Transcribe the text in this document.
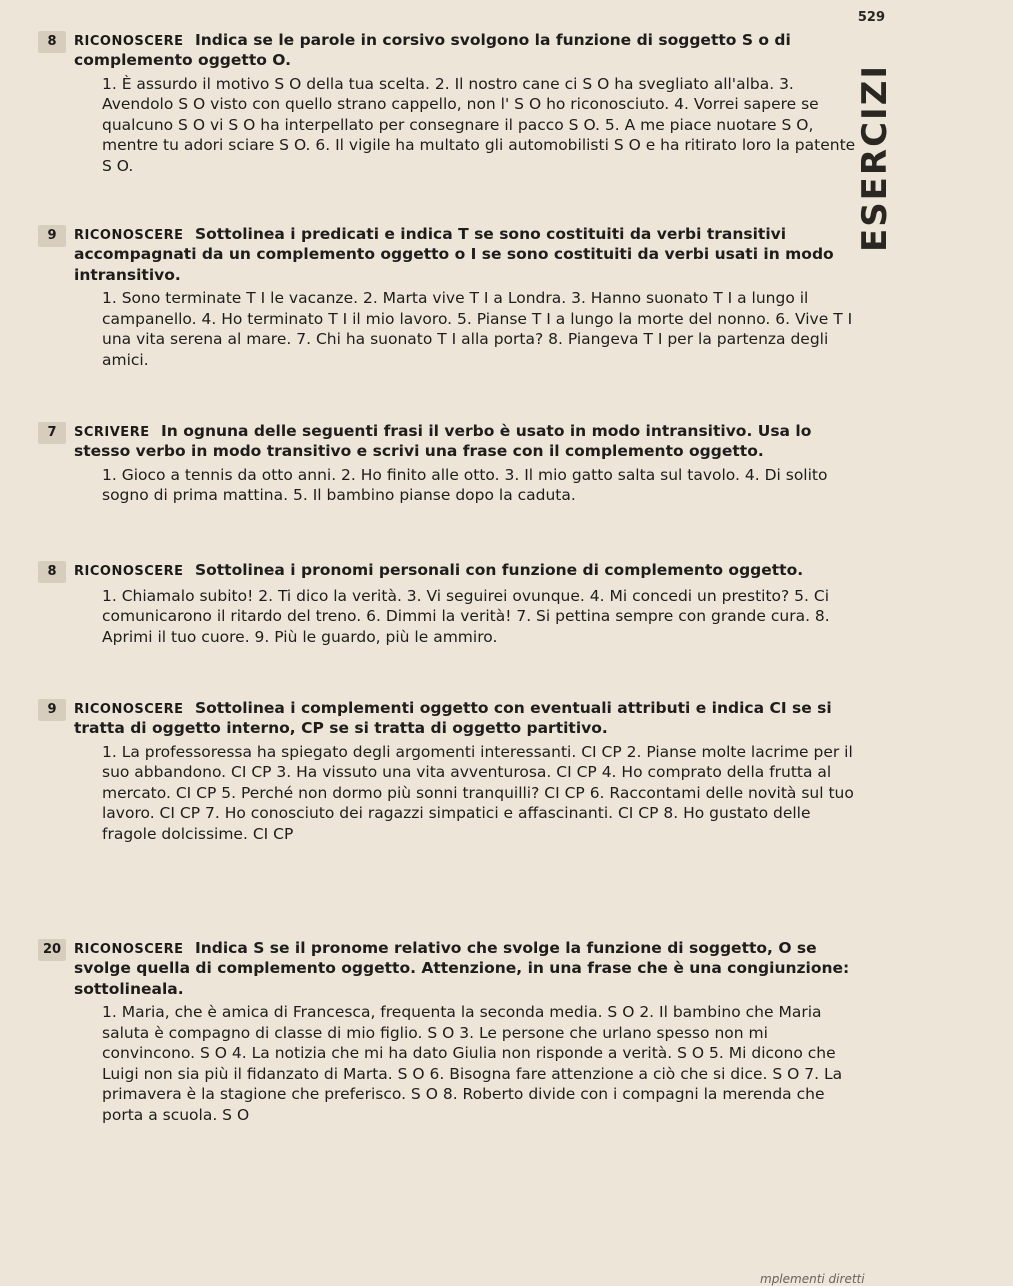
529
ESERCIZI
8	RICONOSCERE Indica se le parole in corsivo svolgono la funzione di soggetto S o di complemento oggetto O.
1. È assurdo il motivo S O della tua scelta. 2. Il nostro cane ci S O ha svegliato all'alba. 3. Avendolo S O visto con quello strano cappello, non l' S O ho riconosciuto. 4. Vorrei sapere se qualcuno S O vi S O ha interpellato per consegnare il pacco S O. 5. A me piace nuotare S O, mentre tu adori sciare S O. 6. Il vigile ha multato gli automobilisti S O e ha ritirato loro la patente S O.
9	RICONOSCERE Sottolinea i predicati e indica T se sono costituiti da verbi transitivi accompagnati da un complemento oggetto o I se sono costituiti da verbi usati in modo intransitivo.
1. Sono terminate T I le vacanze. 2. Marta vive T I a Londra. 3. Hanno suonato T I a lungo il campanello. 4. Ho terminato T I il mio lavoro. 5. Pianse T I a lungo la morte del nonno. 6. Vive T I una vita serena al mare. 7. Chi ha suonato T I alla porta? 8. Piangeva T I per la partenza degli amici.
7	SCRIVERE In ognuna delle seguenti frasi il verbo è usato in modo intransitivo. Usa lo stesso verbo in modo transitivo e scrivi una frase con il complemento oggetto.
1. Gioco a tennis da otto anni. 2. Ho finito alle otto. 3. Il mio gatto salta sul tavolo. 4. Di solito sogno di prima mattina. 5. Il bambino pianse dopo la caduta.
8	RICONOSCERE Sottolinea i pronomi personali con funzione di complemento oggetto.
1. Chiamalo subito! 2. Ti dico la verità. 3. Vi seguirei ovunque. 4. Mi concedi un prestito? 5. Ci comunicarono il ritardo del treno. 6. Dimmi la verità! 7. Si pettina sempre con grande cura. 8. Aprimi il tuo cuore. 9. Più le guardo, più le ammiro.
9	RICONOSCERE Sottolinea i complementi oggetto con eventuali attributi e indica CI se si tratta di oggetto interno, CP se si tratta di oggetto partitivo.
1. La professoressa ha spiegato degli argomenti interessanti. CI CP 2. Pianse molte lacrime per il suo abbandono. CI CP 3. Ha vissuto una vita avventurosa. CI CP 4. Ho comprato della frutta al mercato. CI CP 5. Perché non dormo più sonni tranquilli? CI CP 6. Raccontami delle novità sul tuo lavoro. CI CP 7. Ho conosciuto dei ragazzi simpatici e affascinanti. CI CP 8. Ho gustato delle fragole dolcissime. CI CP
20 RICONOSCERE Indica S se il pronome relativo che svolge la funzione di soggetto, O se svolge quella di complemento oggetto. Attenzione, in una frase che è una congiunzione: sottolineala.
1. Maria, che è amica di Francesca, frequenta la seconda media. S O 2. Il bambino che Maria saluta è compagno di classe di mio figlio. S O 3. Le persone che urlano spesso non mi convincono. S O 4. La notizia che mi ha dato Giulia non risponde a verità. S O 5. Mi dicono che Luigi non sia più il fidanzato di Marta. S O 6. Bisogna fare attenzione a ciò che si dice. S O 7. La primavera è la stagione che preferisco. S O 8. Roberto divide con i compagni la merenda che porta a scuola. S O
mplementi diretti
